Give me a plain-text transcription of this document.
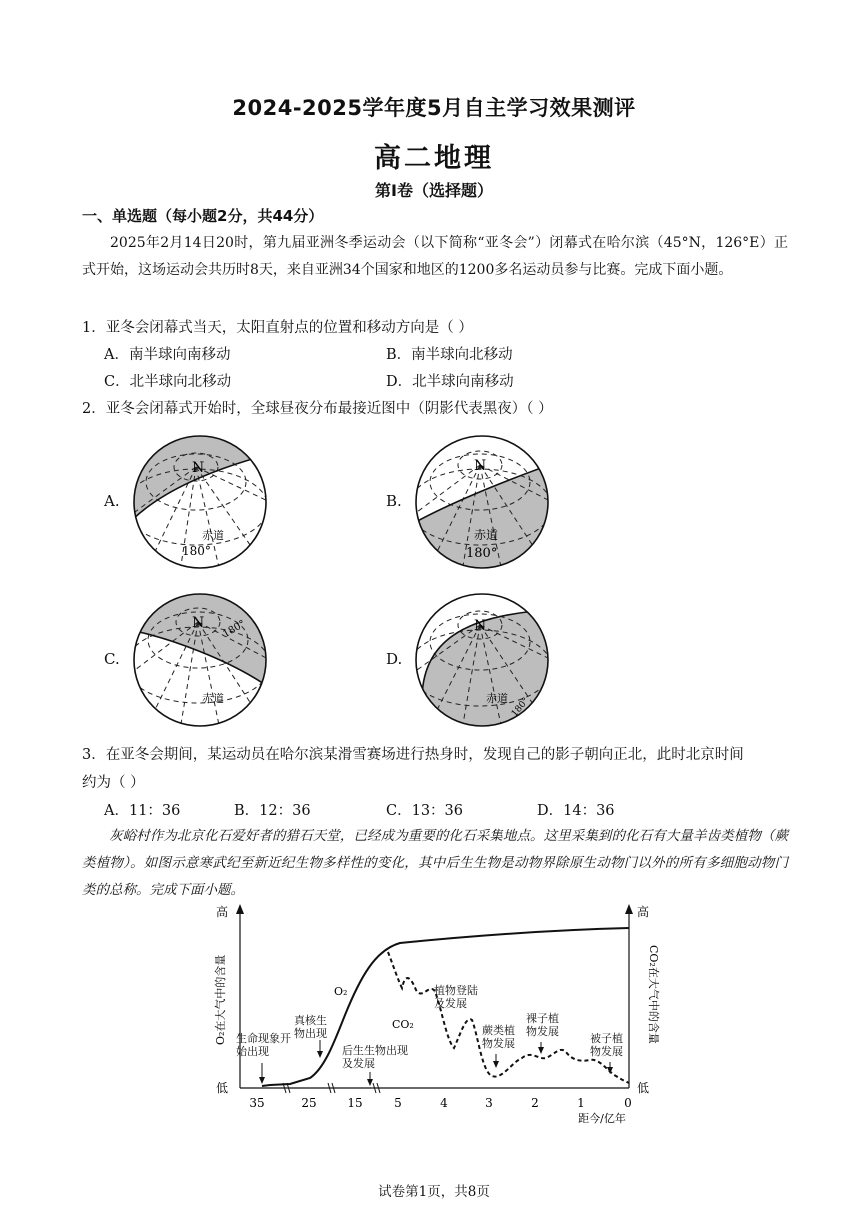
2024-2025学年度5月自主学习效果测评
高二地理
第I卷（选择题）
一、单选题（每小题2分，共44分）

2025年2月14日20时，第九届亚洲冬季运动会（以下简称“亚冬会”）闭幕式在哈尔滨（45°N，126°E）正式开始，这场运动会共历时8天，来自亚洲34个国家和地区的1200多名运动员参与比赛。完成下面小题。

1．亚冬会闭幕式当天，太阳直射点的位置和移动方向是（ ）
A．南半球向南移动	B．南半球向北移动
C．北半球向北移动	D．北半球向南移动
2．亚冬会闭幕式开始时，全球昼夜分布最接近图中（阴影代表黑夜）（ ）
A.	B.
C.	D.
N
赤道
180°
N
赤道
180°
N
赤道
180°	N
赤道 180°
3．在亚冬会期间，某运动员在哈尔滨某滑雪赛场进行热身时，发现自己的影子朝向正北，此时北京时间
约为（ ）
A．11：36	B．12：36	C．13：36	D．14：36

灰峪村作为北京化石爱好者的猎石天堂，已经成为重要的化石采集地点。这里采集到的化石有大量羊齿类植物（蕨类植物）。如图示意寒武纪至新近纪生物多样性的变化，其中后生生物是动物界除原生动物门以外的所有多细胞动物门类的总称。完成下面小题。

高
低
高
低
O₂在大气中的含量	CO₂在大气中的含量
35	25	15	5	4	3	2	1	0
距今/亿年
O₂
CO₂
生命现象开始出现
真核生物出现
后生生物出现及发展
植物登陆及发展
蕨类植物发展
裸子植物发展
被子植物发展
试卷第1页，共8页
